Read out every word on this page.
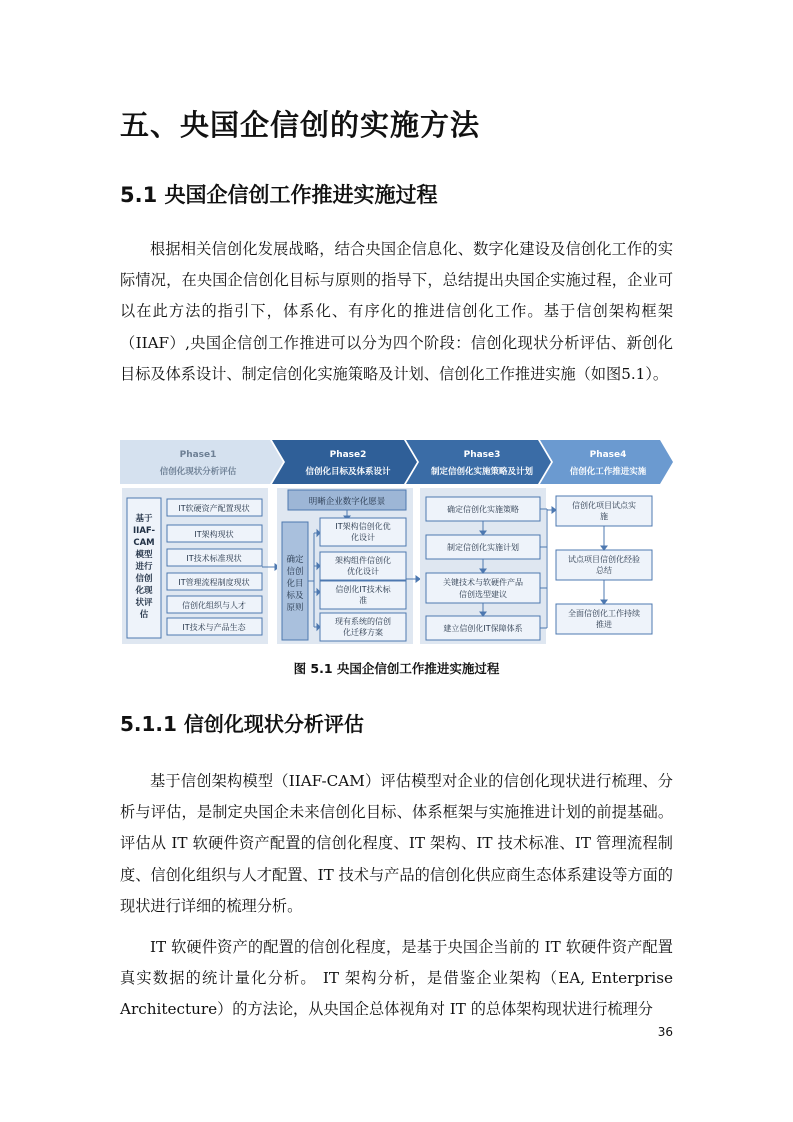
五、央国企信创的实施方法
5.1 央国企信创工作推进实施过程

根据相关信创化发展战略，结合央国企信息化、数字化建设及信创化工作的实际情况，在央国企信创化目标与原则的指导下，总结提出央国企实施过程，企业可以在此方法的指引下，体系化、有序化的推进信创化工作。基于信创架构框架（IIAF）,央国企信创工作推进可以分为四个阶段：信创化现状分析评估、新创化目标及体系设计、制定信创化实施策略及计划、信创化工作推进实施（如图5.1）。

Phase1
信创化现状分析评估
Phase2
信创化目标及体系设计
Phase3
制定信创化实施策略及计划
Phase4
信创化工作推进实施
基于
IIAF-
CAM
模型
进行
信创
化现
状评
估
IT软硬资产配置现状
IT架构现状
IT技术标准现状
IT管理流程制度现状
信创化组织与人才
IT技术与产品生态
明晰企业数字化愿景
确定
信创
化目
标及
原则
IT架构信创化优
化设计
架构组件信创化
优化设计
信创化IT技术标
准
现有系统的信创
化迁移方案
确定信创化实施策略
制定信创化实施计划
关键技术与软硬件产品
信创选型建议
建立信创化IT保障体系
信创化项目试点实
施
试点项目信创化经验
总结
全面信创化工作持续
推进
图 5.1 央国企信创工作推进实施过程
5.1.1 信创化现状分析评估

基于信创架构模型（IIAF-CAM）评估模型对企业的信创化现状进行梳理、分析与评估，是制定央国企未来信创化目标、体系框架与实施推进计划的前提基础。评估从 IT 软硬件资产配置的信创化程度、IT 架构、IT 技术标准、IT 管理流程制度、信创化组织与人才配置、IT 技术与产品的信创化供应商生态体系建设等方面的现状进行详细的梳理分析。

IT 软硬件资产的配置的信创化程度，是基于央国企当前的 IT 软硬件资产配置真实数据的统计量化分析。 IT 架构分析，是借鉴企业架构（EA, Enterprise Architecture）的方法论，从央国企总体视角对 IT 的总体架构现状进行梳理分

36
